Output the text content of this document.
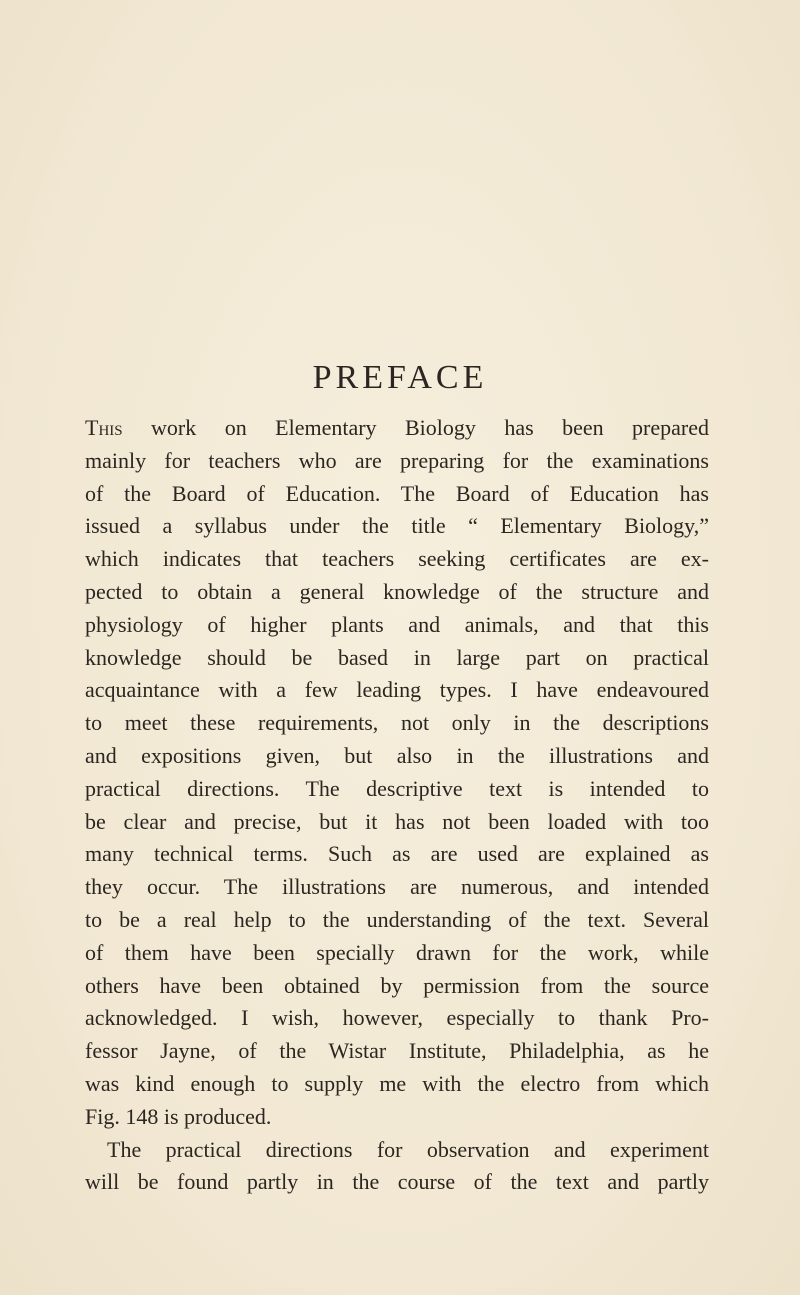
PREFACE
This work on Elementary Biology has been prepared
mainly for teachers who are preparing for the examinations
of the Board of Education. The Board of Education has
issued a syllabus under the title “ Elementary Biology,”
which indicates that teachers seeking certificates are ex-
pected to obtain a general knowledge of the structure and
physiology of higher plants and animals, and that this
knowledge should be based in large part on practical
acquaintance with a few leading types. I have endeavoured
to meet these requirements, not only in the descriptions
and expositions given, but also in the illustrations and
practical directions. The descriptive text is intended to
be clear and precise, but it has not been loaded with too
many technical terms. Such as are used are explained as
they occur. The illustrations are numerous, and intended
to be a real help to the understanding of the text. Several
of them have been specially drawn for the work, while
others have been obtained by permission from the source
acknowledged. I wish, however, especially to thank Pro-
fessor Jayne, of the Wistar Institute, Philadelphia, as he
was kind enough to supply me with the electro from which
Fig. 148 is produced.
The practical directions for observation and experiment
will be found partly in the course of the text and partly
